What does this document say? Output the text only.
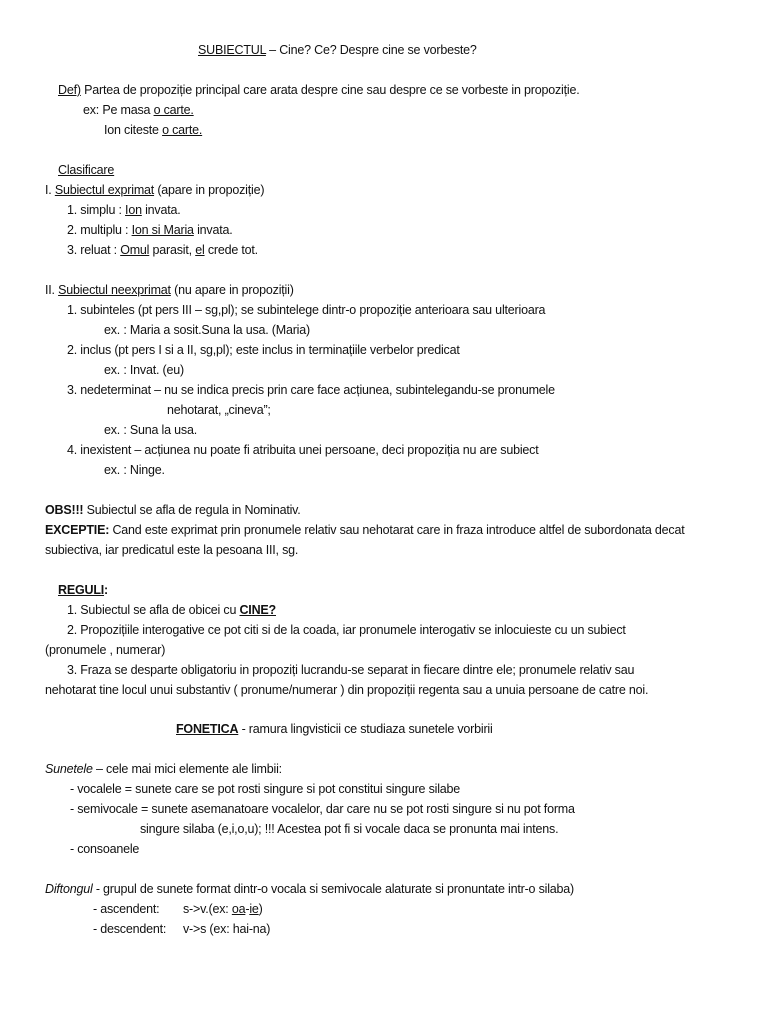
SUBIECTUL – Cine? Ce? Despre cine se vorbeste?
Def) Partea de propoziție principal care arata despre cine sau despre ce se vorbeste in propoziție.
ex: Pe masa o carte.
Ion citeste o carte.
Clasificare
I. Subiectul exprimat (apare in propoziție)
1. simplu : Ion invata.
2. multiplu : Ion si Maria invata.
3. reluat : Omul parasit, el crede tot.
II. Subiectul neexprimat (nu apare in propoziții)
1. subinteles (pt pers III – sg,pl); se subintelege dintr-o propoziție anterioara sau ulterioara
ex. : Maria a sosit.Suna la usa. (Maria)
2. inclus (pt pers I si a II, sg,pl); este inclus in terminațiile verbelor predicat
ex. : Invat. (eu)
3. nedeterminat – nu se indica precis prin care face acțiunea, subintelegandu-se pronumele
nehotarat, „cineva”;
ex. : Suna la usa.
4. inexistent – acțiunea nu poate fi atribuita unei persoane, deci propoziția nu are subiect
ex. : Ninge.
OBS!!! Subiectul se afla de regula in Nominativ.
EXCEPTIE: Cand este exprimat prin pronumele relativ sau nehotarat care in fraza introduce altfel de subordonata decat
subiectiva, iar predicatul este la pesoana III, sg.
REGULI:
1. Subiectul se afla de obicei cu CINE?
2. Propozițiile interogative ce pot citi si de la coada, iar pronumele interogativ se inlocuieste cu un subiect
(pronumele , numerar)
3. Fraza se desparte obligatoriu in propoziți lucrandu-se separat in fiecare dintre ele; pronumele relativ sau
nehotarat tine locul unui substantiv ( pronume/numerar ) din propoziții regenta sau a unuia persoane de catre noi.
FONETICA - ramura lingvisticii ce studiaza sunetele vorbirii
Sunetele – cele mai mici elemente ale limbii:
- vocalele = sunete care se pot rosti singure si pot constitui singure silabe
- semivocale = sunete asemanatoare vocalelor, dar care nu se pot rosti singure si nu pot forma
singure silaba (e,i,o,u); !!! Acestea pot fi si vocale daca se pronunta mai intens.
- consoanele
Diftongul - grupul de sunete format dintr-o vocala si semivocale alaturate si pronuntate intr-o silaba)
- ascendent: s->v.(ex: oa-ie)
- descendent: v->s (ex: hai-na)
